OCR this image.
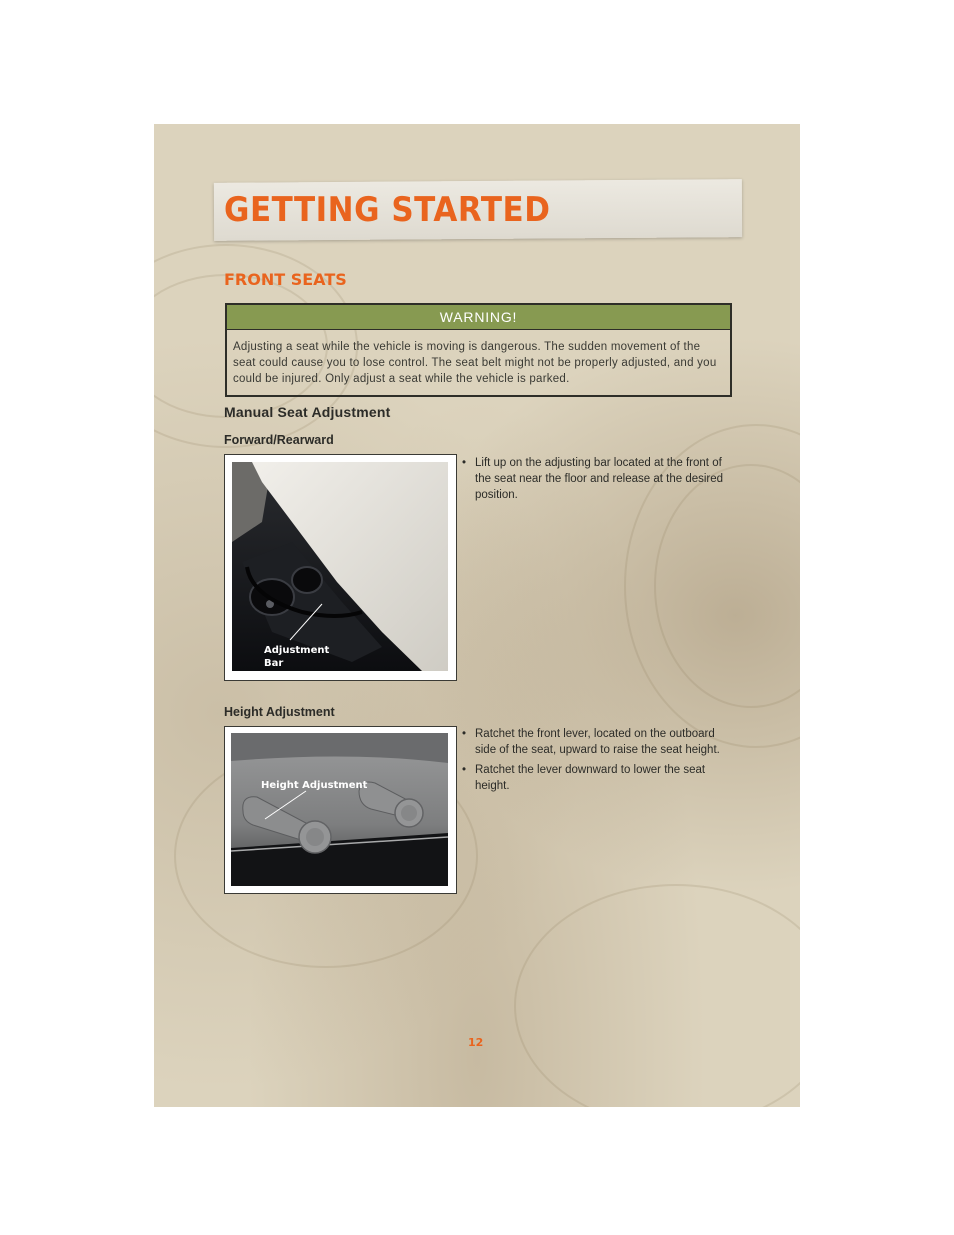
GETTING STARTED
FRONT SEATS
WARNING!

Adjusting a seat while the vehicle is moving is dangerous. The sudden movement of the seat could cause you to lose control. The seat belt might not be properly adjusted, and you could be injured. Only adjust a seat while the vehicle is parked.

Manual Seat Adjustment
Forward/Rearward
Adjustment
Bar
• Lift up on the adjusting bar located at the front of the seat near the floor and release at the desired position.
Height Adjustment
Height Adjustment
• Ratchet the front lever, located on the outboard side of the seat, upward to raise the seat height.
• Ratchet the lever downward to lower the seat height.
12
